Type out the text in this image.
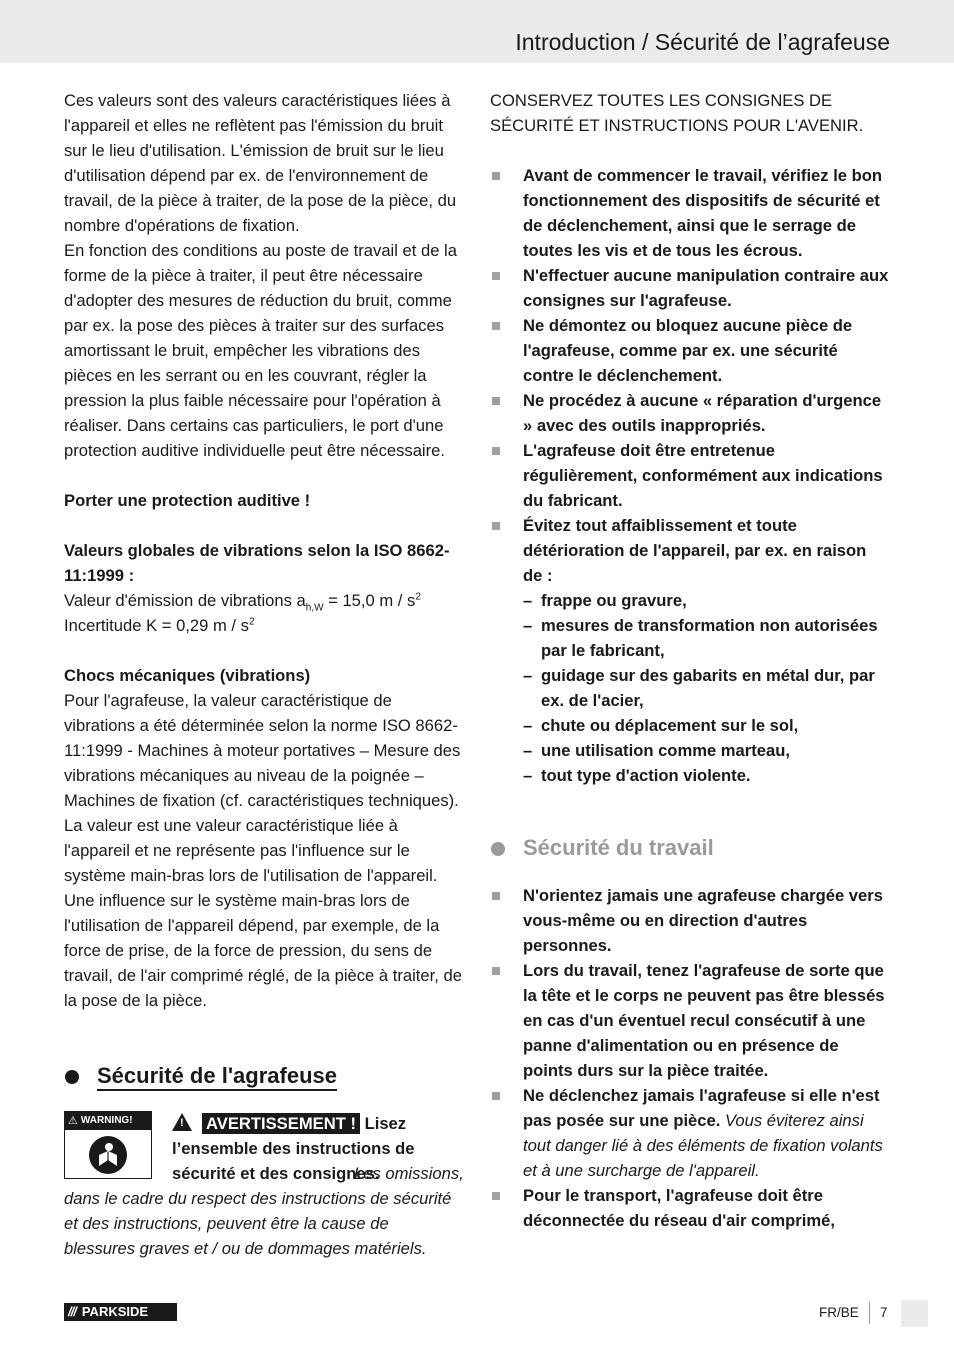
Introduction / Sécurité de l’agrafeuse

Ces valeurs sont des valeurs caractéristiques liées à l'appareil et elles ne reflètent pas l'émission du bruit sur le lieu d'utilisation. L'émission de bruit sur le lieu d'utilisation dépend par ex. de l'environnement de travail, de la pièce à traiter, de la pose de la pièce, du nombre d'opérations de fixation.

En fonction des conditions au poste de travail et de la forme de la pièce à traiter, il peut être nécessaire d'adopter des mesures de réduction du bruit, comme par ex. la pose des pièces à traiter sur des surfaces amortissant le bruit, empêcher les vibrations des pièces en les serrant ou en les couvrant, régler la pression la plus faible nécessaire pour l'opération à réaliser. Dans certains cas particuliers, le port d'une protection auditive individuelle peut être nécessaire.

Porter une protection auditive !

Valeurs globales de vibrations selon la ISO 8662-11:1999 :

Valeur d'émission de vibrations $a_{h,W} = 15,0$ m / $s^2$

Incertitude K = 0,29 m / $s^2$

Chocs mécaniques (vibrations)

Pour l'agrafeuse, la valeur caractéristique de vibrations a été déterminée selon la norme ISO 8662-11:1999 - Machines à moteur portatives – Mesure des vibrations mécaniques au niveau de la poignée – Machines de fixation (cf. caractéristiques techniques). La valeur est une valeur caractéristique liée à l'appareil et ne représente pas l'influence sur le système main-bras lors de l'utilisation de l'appareil. Une influence sur le système main-bras lors de l'utilisation de l'appareil dépend, par exemple, de la force de prise, de la force de pression, du sens de travail, de l'air comprimé réglé, de la pièce à traiter, de la pose de la pièce.

Sécurité de l'agrafeuse
⚠ WARNING!	! AVERTISSEMENT ! Lisez l’ensemble des instructions de sécurité et des consignes.

Les omissions, dans le cadre du respect des instructions de sécurité et des instructions, peuvent être la cause de blessures graves et / ou de dommages matériels.

CONSERVEZ TOUTES LES CONSIGNES DE SÉCURITÉ ET INSTRUCTIONS POUR L'AVENIR.

Avant de commencer le travail, vérifiez le bon fonctionnement des dispositifs de sécurité et de déclenchement, ainsi que le serrage de toutes les vis et de tous les écrous.

N'effectuer aucune manipulation contraire aux consignes sur l'agrafeuse.

Ne démontez ou bloquez aucune pièce de l'agrafeuse, comme par ex. une sécurité contre le déclenchement.

Ne procédez à aucune « réparation d'urgence » avec des outils inappropriés.

L'agrafeuse doit être entretenue régulièrement, conformément aux indications du fabricant.

Évitez tout affaiblissement et toute détérioration de l'appareil, par ex. en raison de :

– frappe ou gravure,

– mesures de transformation non autorisées par le fabricant,

– guidage sur des gabarits en métal dur, par ex. de l'acier,

– chute ou déplacement sur le sol,

– une utilisation comme marteau,

– tout type d'action violente.

Sécurité du travail

N'orientez jamais une agrafeuse chargée vers vous-même ou en direction d'autres personnes.

Lors du travail, tenez l'agrafeuse de sorte que la tête et le corps ne peuvent pas être blessés en cas d'un éventuel recul consécutif à une panne d'alimentation ou en présence de points durs sur la pièce traitée.

Ne déclenchez jamais l'agrafeuse si elle n'est pas posée sur une pièce. Vous éviterez ainsi tout danger lié à des éléments de fixation volants et à une surcharge de l'appareil.

Pour le transport, l'agrafeuse doit être déconnectée du réseau d'air comprimé,

/// PARKSIDE	FR/BE 7
